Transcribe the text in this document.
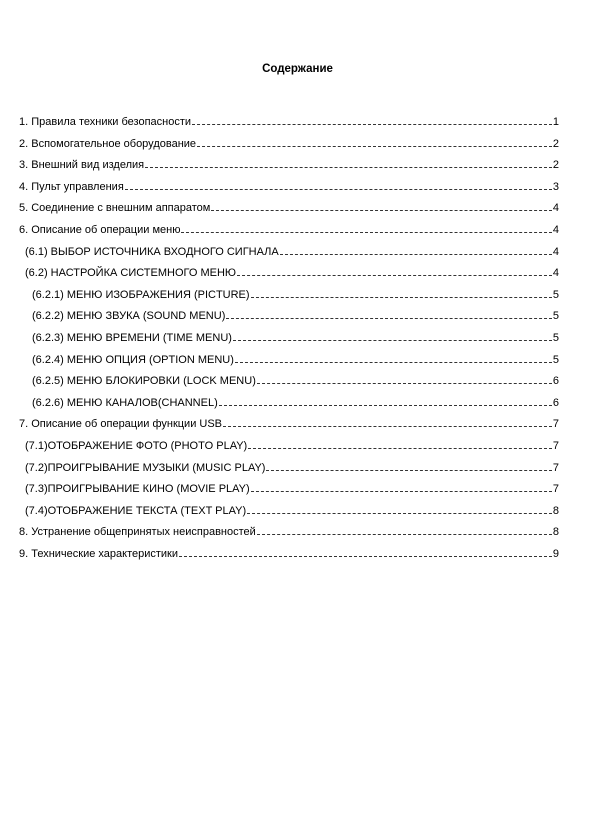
Содержание
1. Правила техники безопасности	1
2. Вспомогательное оборудование	2
3. Внешний вид изделия	2
4. Пульт управления	3
5. Соединение с внешним аппаратом	4
6. Описание об операции меню	4
(6.1) ВЫБОР ИСТОЧНИКА ВХОДНОГО СИГНАЛА	4
(6.2) НАСТРОЙКА СИСТЕМНОГО МЕНЮ	4
(6.2.1) МЕНЮ ИЗОБРАЖЕНИЯ (PICTURE)	5
(6.2.2) МЕНЮ ЗВУКА (SOUND MENU)	5
(6.2.3) МЕНЮ ВРЕМЕНИ (TIME MENU)	5
(6.2.4) МЕНЮ ОПЦИЯ (OPTION MENU)	5
(6.2.5) МЕНЮ БЛОКИРОВКИ (LOCK MENU)	6
(6.2.6) МЕНЮ КАНАЛОВ(CHANNEL)	6
7. Описание об операции функции USB	7
(7.1)ОТОБРАЖЕНИЕ ФОТО (PHOTO PLAY)	7
(7.2)ПРОИГРЫВАНИЕ МУЗЫКИ (MUSIC PLAY)	7
(7.3)ПРОИГРЫВАНИЕ КИНО (MOVIE PLAY)	7
(7.4)ОТОБРАЖЕНИЕ ТЕКСТА (TEXT PLAY)	8
8. Устранение общепринятых неисправностей	8
9. Технические характеристики	9
